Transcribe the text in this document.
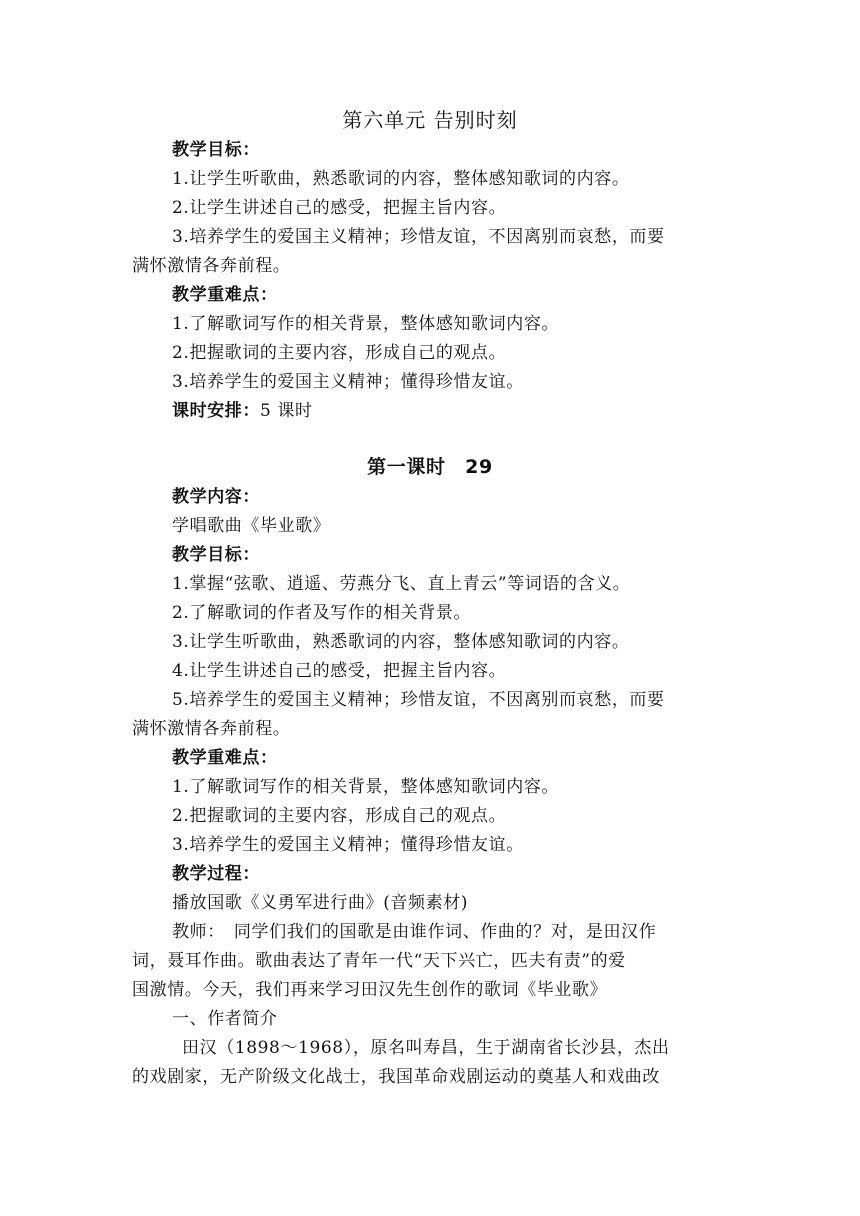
第六单元 告别时刻
教学目标：
1.让学生听歌曲，熟悉歌词的内容，整体感知歌词的内容。
2.让学生讲述自己的感受，把握主旨内容。
3.培养学生的爱国主义精神；珍惜友谊，不因离别而哀愁，而要
满怀激情各奔前程。
教学重难点：
1.了解歌词写作的相关背景，整体感知歌词内容。
2.把握歌词的主要内容，形成自己的观点。
3.培养学生的爱国主义精神；懂得珍惜友谊。
课时安排：5 课时
第一课时　29
教学内容：
学唱歌曲《毕业歌》
教学目标：
1.掌握“弦歌、逍遥、劳燕分飞、直上青云”等词语的含义。
2.了解歌词的作者及写作的相关背景。
3.让学生听歌曲，熟悉歌词的内容，整体感知歌词的内容。
4.让学生讲述自己的感受，把握主旨内容。
5.培养学生的爱国主义精神；珍惜友谊，不因离别而哀愁，而要
满怀激情各奔前程。
教学重难点：
1.了解歌词写作的相关背景，整体感知歌词内容。
2.把握歌词的主要内容，形成自己的观点。
3.培养学生的爱国主义精神；懂得珍惜友谊。
教学过程：
播放国歌《义勇军进行曲》(音频素材)
教师：　同学们我们的国歌是由谁作词、作曲的？对，是田汉作
词，聂耳作曲。歌曲表达了青年一代“天下兴亡，匹夫有责”的爱
国激情。今天，我们再来学习田汉先生创作的歌词《毕业歌》
一、作者简介
田汉（1898～1968），原名叫寿昌，生于湖南省长沙县，杰出
的戏剧家，无产阶级文化战士，我国革命戏剧运动的奠基人和戏曲改
